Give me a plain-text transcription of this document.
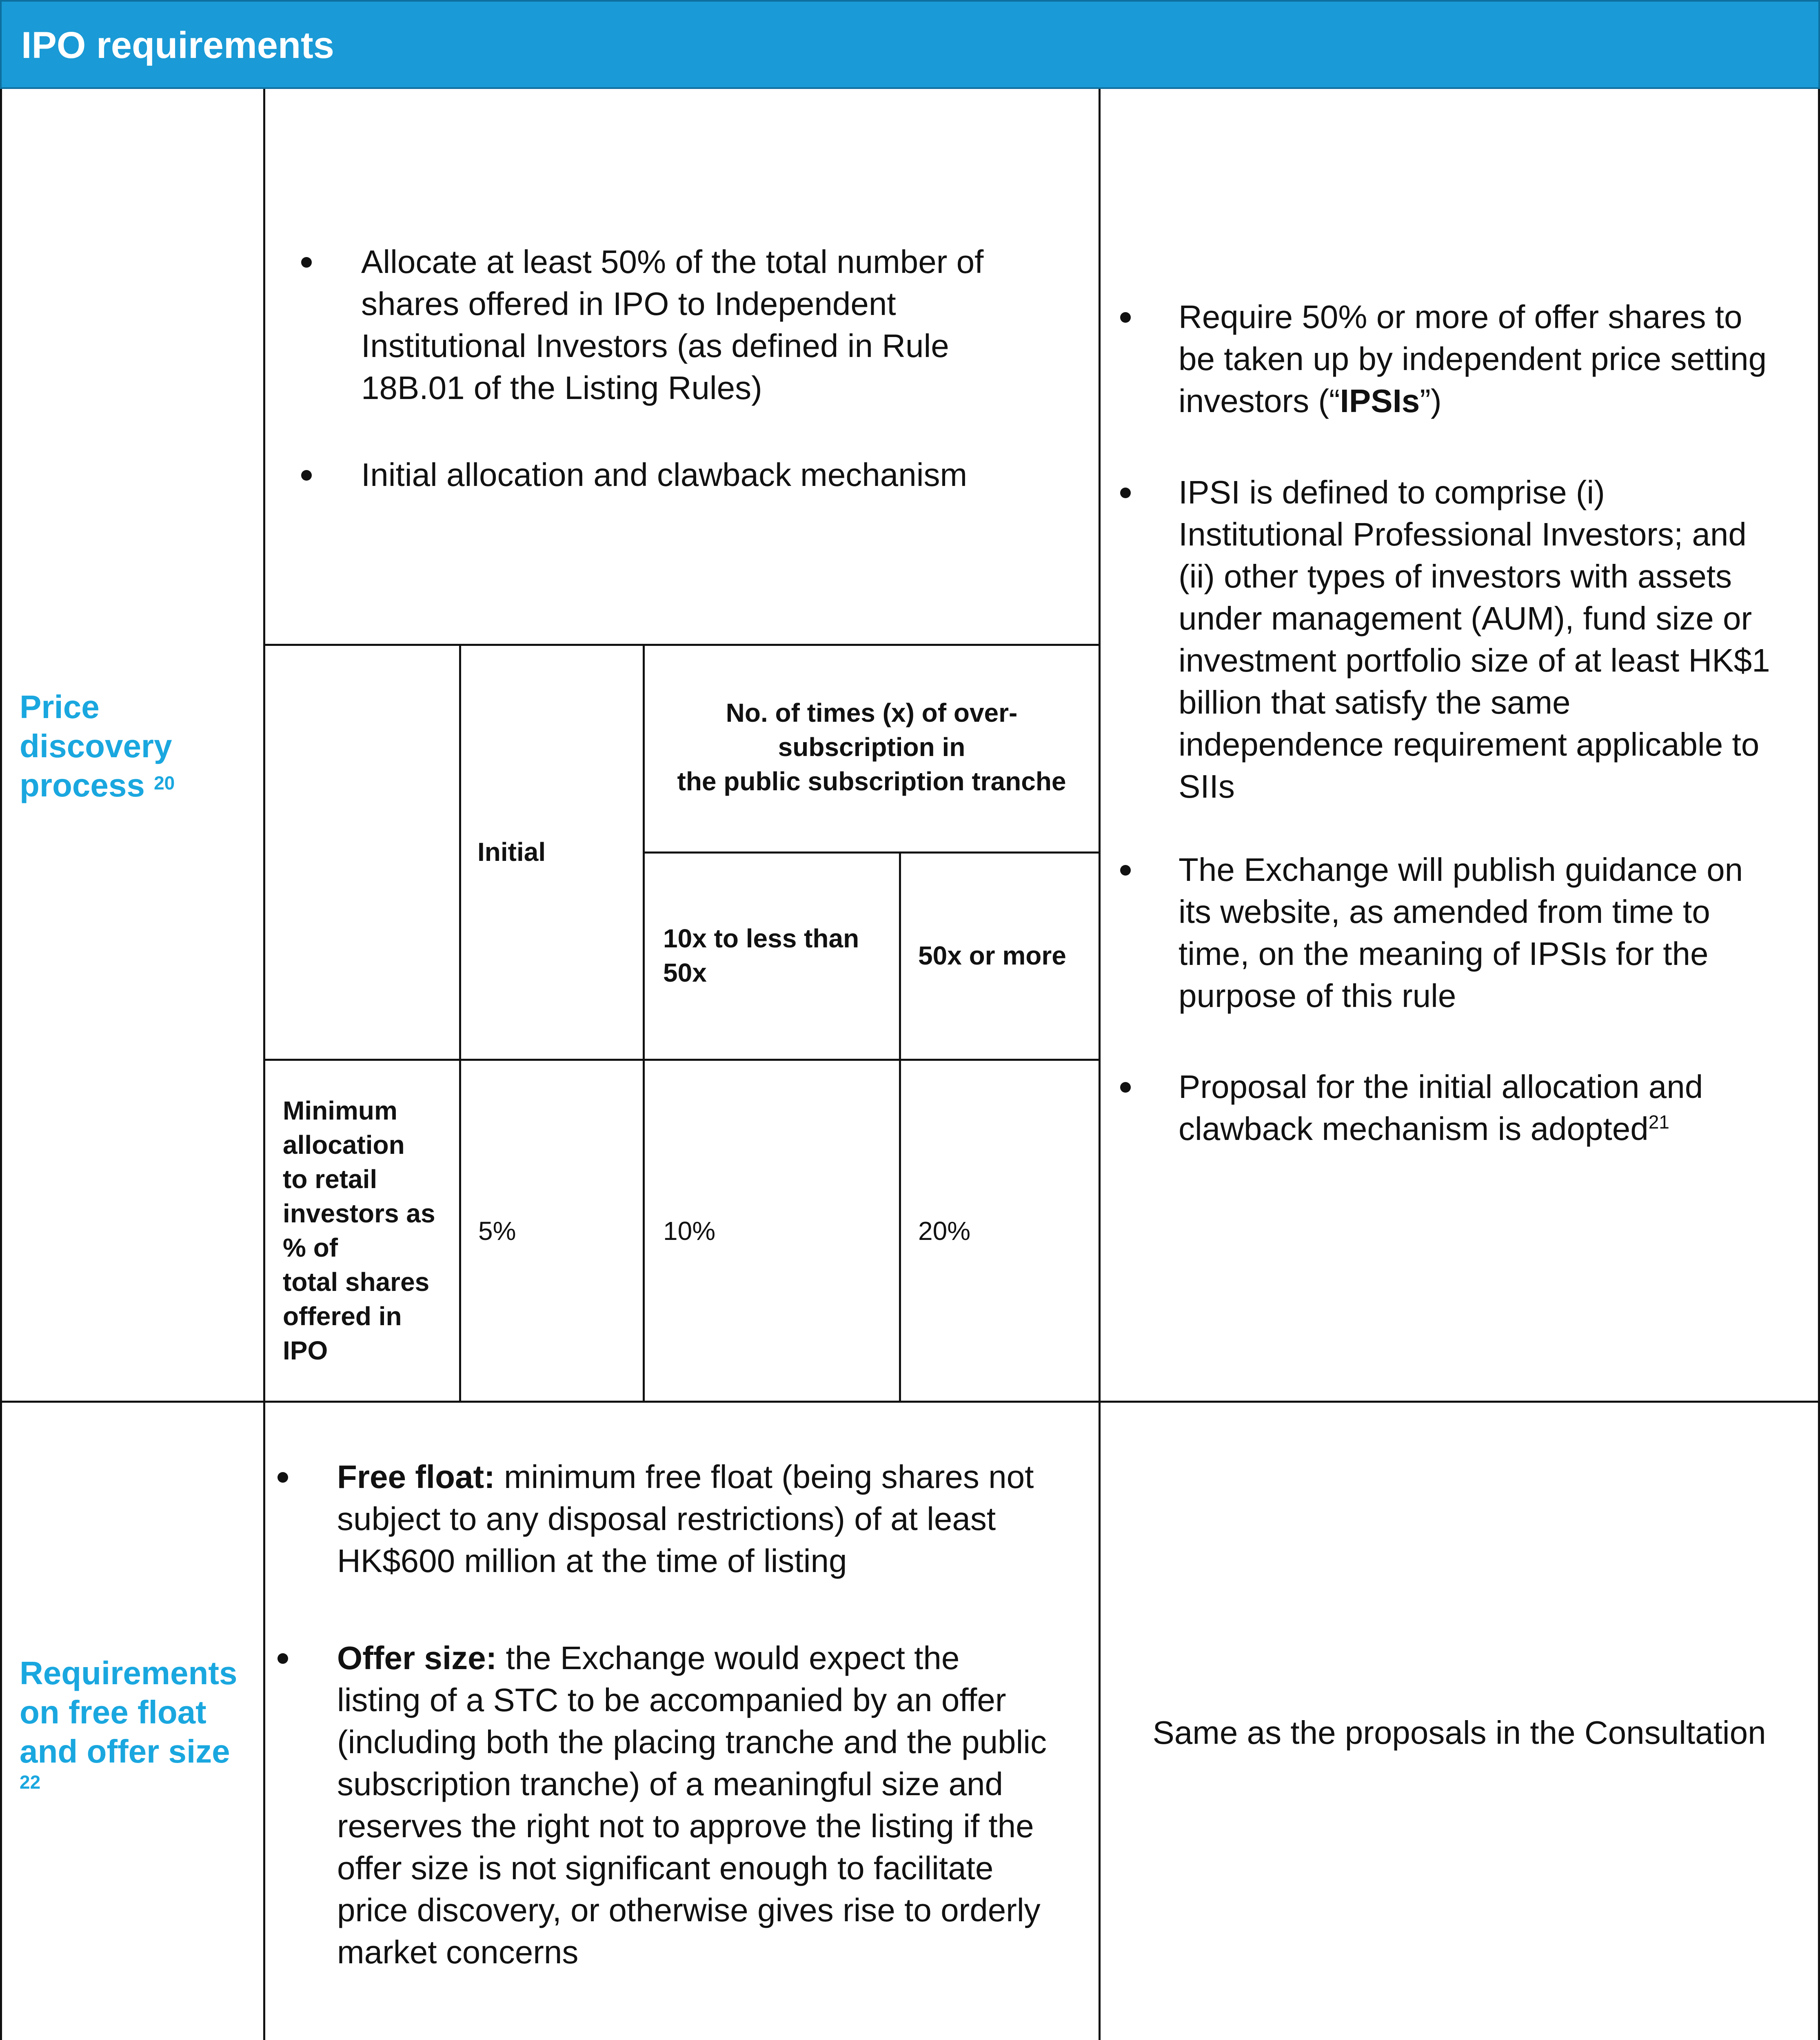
IPO requirements
Price
discovery
process $^{20}$
Allocate at least 50% of the total number of
shares offered in IPO to Independent
Institutional Investors (as defined in Rule
18B.01 of the Listing Rules)
Initial allocation and clawback mechanism
Initial
No. of times (x) of over-
subscription in
the public subscription tranche
10x to less than
50x
50x or more
Minimum
allocation
to retail
investors as
% of
total shares
offered in
IPO
5%	10%	20%
Require 50% or more of offer shares to
be taken up by independent price setting
investors (“IPSIs”)
IPSI is defined to comprise (i)
Institutional Professional Investors; and
(ii) other types of investors with assets
under management (AUM), fund size or
investment portfolio size of at least HK$1
billion that satisfy the same
independence requirement applicable to
SIIs
The Exchange will publish guidance on
its website, as amended from time to
time, on the meaning of IPSIs for the
purpose of this rule
Proposal for the initial allocation and
clawback mechanism is adopted$^{21}$
Requirements
on free float
and offer size
22
Free float: minimum free float (being shares not
subject to any disposal restrictions) of at least
HK$600 million at the time of listing
Offer size: the Exchange would expect the
listing of a STC to be accompanied by an offer
(including both the placing tranche and the public
subscription tranche) of a meaningful size and
reserves the right not to approve the listing if the
offer size is not significant enough to facilitate
price discovery, or otherwise gives rise to orderly
market concerns
Same as the proposals in the Consultation
